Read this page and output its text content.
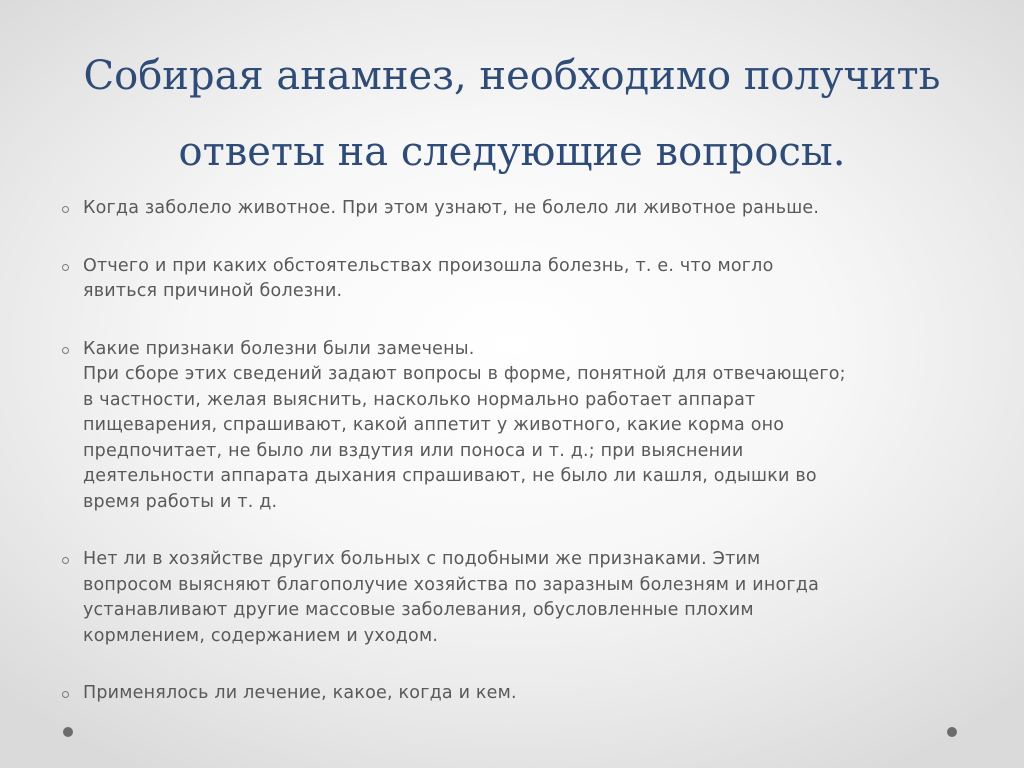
Собирая анамнез, необходимо получить
ответы на следующие вопросы.
Когда заболело животное. При этом узнают, не болело ли животное раньше.
Отчего и при каких обстоятельствах произошла болезнь, т. е. что могло
явиться причиной болезни.
Какие признаки болезни были замечены.
При сборе этих сведений задают вопросы в форме, понятной для отвечающего;
в частности, желая выяснить, насколько нормально работает аппарат
пищеварения, спрашивают, какой аппетит у животного, какие корма оно
предпочитает, не было ли вздутия или поноса и т. д.; при выяснении
деятельности аппарата дыхания спрашивают, не было ли кашля, одышки во
время работы и т. д.
Нет ли в хозяйстве других больных с подобными же признаками. Этим
вопросом выясняют благополучие хозяйства по заразным болезням и иногда
устанавливают другие массовые заболевания, обусловленные плохим
кормлением, содержанием и уходом.
Применялось ли лечение, какое, когда и кем.
